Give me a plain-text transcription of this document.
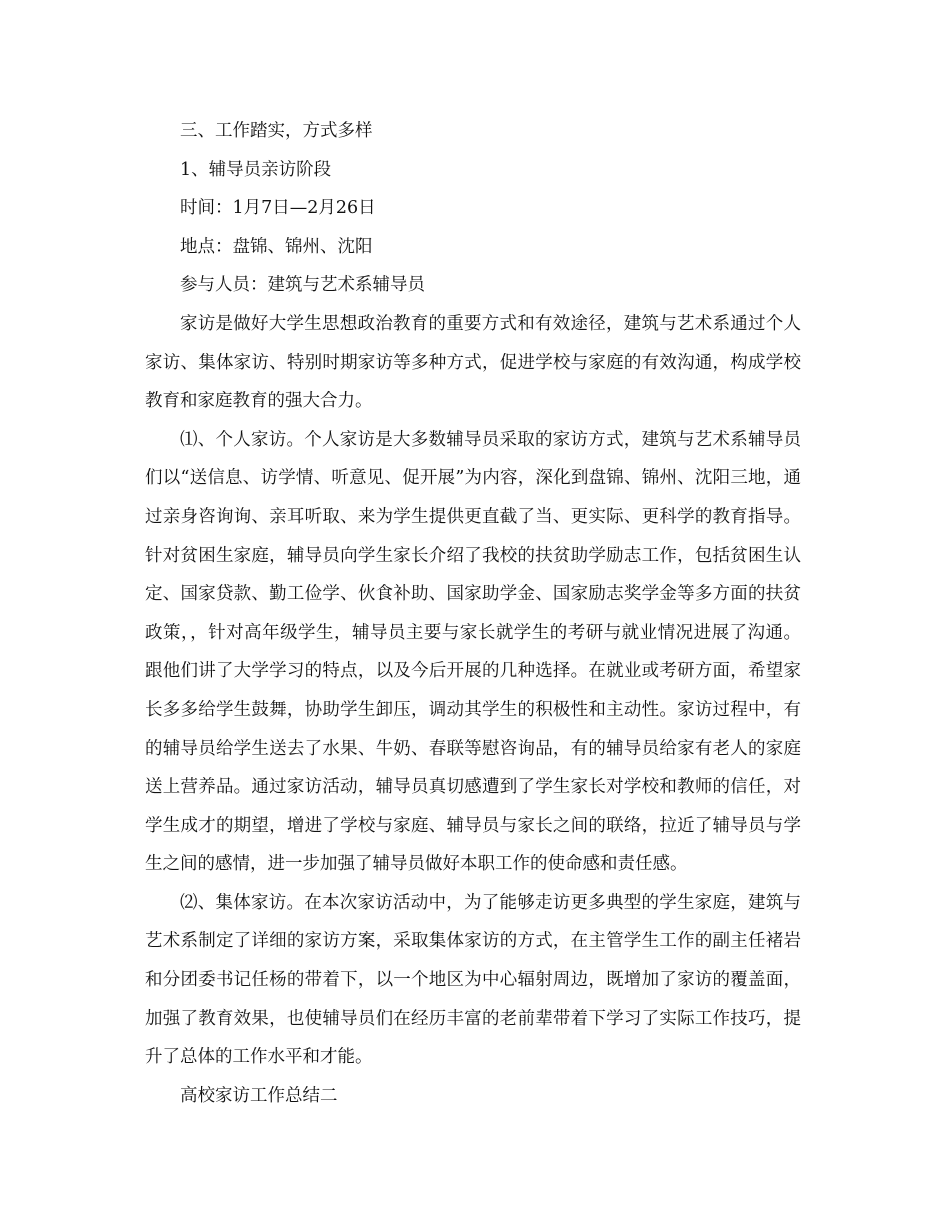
三、工作踏实，方式多样

1、辅导员亲访阶段

时间：1月7日—2月26日

地点：盘锦、锦州、沈阳

参与人员：建筑与艺术系辅导员

家访是做好大学生思想政治教育的重要方式和有效途径，建筑与艺术系通过个人家访、集体家访、特别时期家访等多种方式，促进学校与家庭的有效沟通，构成学校教育和家庭教育的强大合力。

⑴、个人家访。个人家访是大多数辅导员采取的家访方式，建筑与艺术系辅导员们以“送信息、访学情、听意见、促开展”为内容，深化到盘锦、锦州、沈阳三地，通过亲身咨询询、亲耳听取、来为学生提供更直截了当、更实际、更科学的教育指导。针对贫困生家庭，辅导员向学生家长介绍了我校的扶贫助学励志工作，包括贫困生认定、国家贷款、勤工俭学、伙食补助、国家助学金、国家励志奖学金等多方面的扶贫政策，，针对高年级学生，辅导员主要与家长就学生的考研与就业情况进展了沟通。跟他们讲了大学学习的特点，以及今后开展的几种选择。在就业或考研方面，希望家长多多给学生鼓舞，协助学生卸压，调动其学生的积极性和主动性。家访过程中，有的辅导员给学生送去了水果、牛奶、春联等慰咨询品，有的辅导员给家有老人的家庭送上营养品。通过家访活动，辅导员真切感遭到了学生家长对学校和教师的信任，对学生成才的期望，增进了学校与家庭、辅导员与家长之间的联络，拉近了辅导员与学生之间的感情，进一步加强了辅导员做好本职工作的使命感和责任感。

⑵、集体家访。在本次家访活动中，为了能够走访更多典型的学生家庭，建筑与艺术系制定了详细的家访方案，采取集体家访的方式，在主管学生工作的副主任褚岩和分团委书记任杨的带着下，以一个地区为中心辐射周边，既增加了家访的覆盖面，加强了教育效果，也使辅导员们在经历丰富的老前辈带着下学习了实际工作技巧，提升了总体的工作水平和才能。

高校家访工作总结二
